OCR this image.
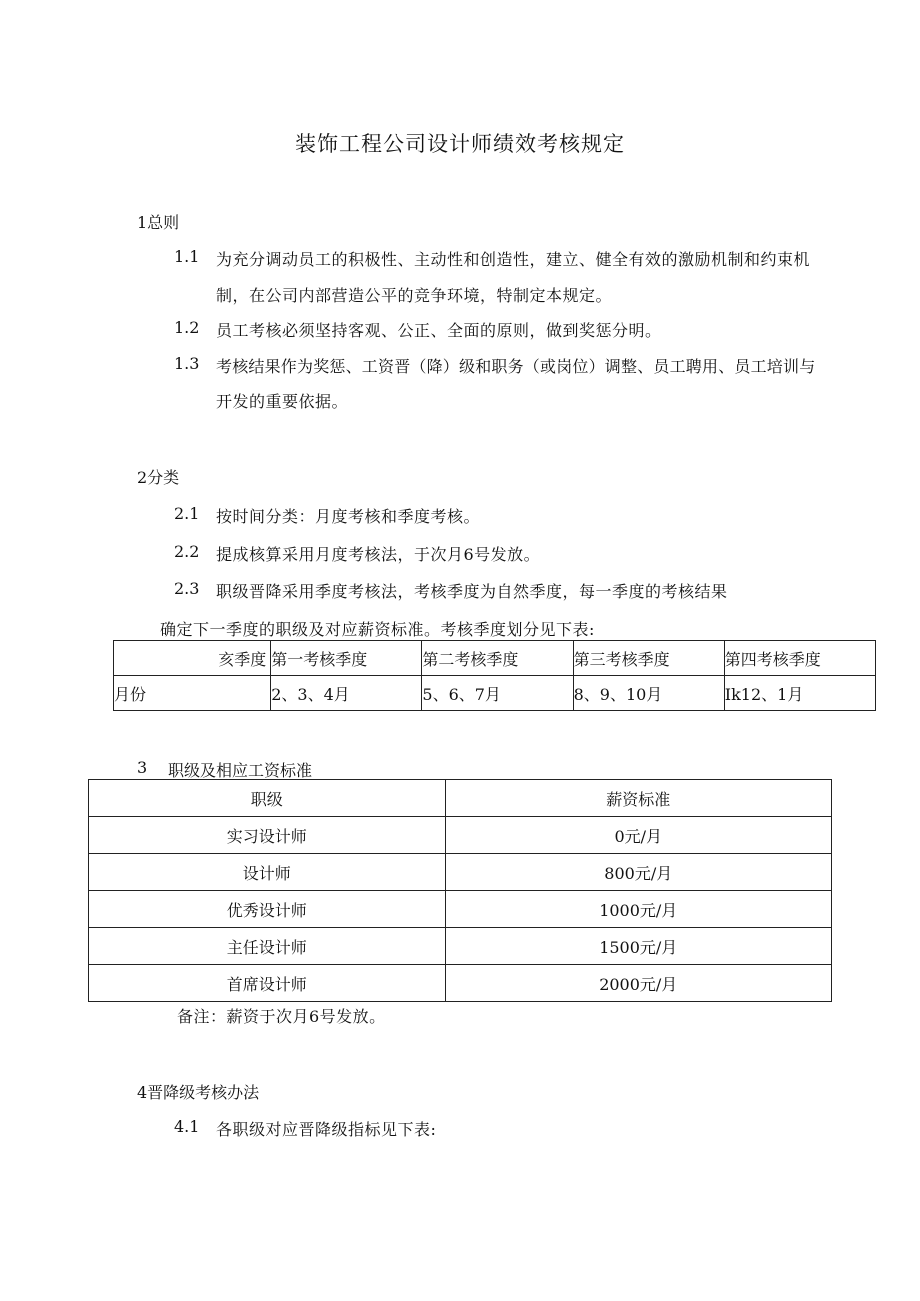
装饰工程公司设计师绩效考核规定
1总则
1.1 为充分调动员工的积极性、主动性和创造性，建立、健全有效的激励机制和约束机
制，在公司内部营造公平的竞争环境，特制定本规定。
1.2 员工考核必须坚持客观、公正、全面的原则，做到奖惩分明。
1.3 考核结果作为奖惩、工资晋（降）级和职务（或岗位）调整、员工聘用、员工培训与
开发的重要依据。
2分类
2.1 按时间分类：月度考核和季度考核。
2.2 提成核算采用月度考核法，于次月6号发放。
2.3 职级晋降采用季度考核法，考核季度为自然季度，每一季度的考核结果
确定下一季度的职级及对应薪资标准。考核季度划分见下表:
亥季度	第一考核季度	第二考核季度	第三考核季度	第四考核季度
月份	2、3、4月	5、6、7月	8、9、10月	Ik12、1月
3 职级及相应工资标准
职级	薪资标准
实习设计师	0元/月
设计师	800元/月
优秀设计师	1000元/月
主任设计师	1500元/月
首席设计师	2000元/月
备注：薪资于次月6号发放。
4晋降级考核办法
4.1 各职级对应晋降级指标见下表:
